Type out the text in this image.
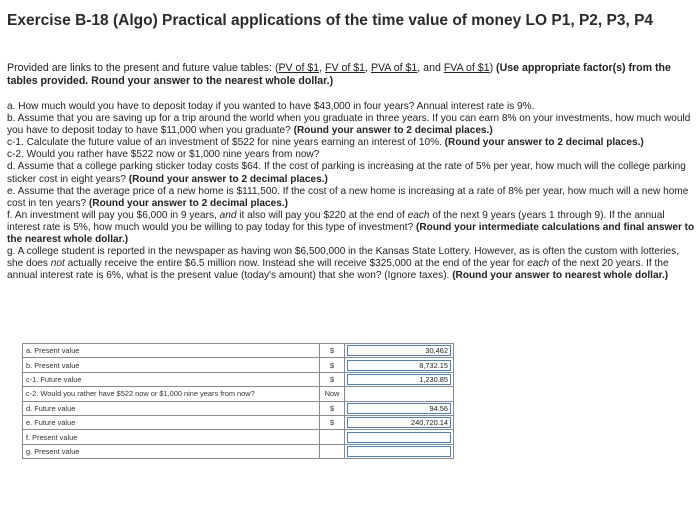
Exercise B-18 (Algo) Practical applications of the time value of money LO P1, P2, P3, P4
Provided are links to the present and future value tables: (PV of $1, FV of $1, PVA of $1, and FVA of $1) (Use appropriate factor(s) from the tables provided. Round your answer to the nearest whole dollar.)

a. How much would you have to deposit today if you wanted to have $43,000 in four years? Annual interest rate is 9%.

b. Assume that you are saving up for a trip around the world when you graduate in three years. If you can earn 8% on your investments, how much would you have to deposit today to have $11,000 when you graduate? (Round your answer to 2 decimal places.)

c-1. Calculate the future value of an investment of $522 for nine years earning an interest of 10%. (Round your answer to 2 decimal places.)

c-2. Would you rather have $522 now or $1,000 nine years from now?

d. Assume that a college parking sticker today costs $64. If the cost of parking is increasing at the rate of 5% per year, how much will the college parking sticker cost in eight years? (Round your answer to 2 decimal places.)

e. Assume that the average price of a new home is $111,500. If the cost of a new home is increasing at a rate of 8% per year, how much will a new home cost in ten years? (Round your answer to 2 decimal places.)

f. An investment will pay you $6,000 in 9 years, and it also will pay you $220 at the end of each of the next 9 years (years 1 through 9). If the annual interest rate is 5%, how much would you be willing to pay today for this type of investment? (Round your intermediate calculations and final answer to the nearest whole dollar.)

g. A college student is reported in the newspaper as having won $6,500,000 in the Kansas State Lottery. However, as is often the custom with lotteries, she does not actually receive the entire $6.5 million now. Instead she will receive $325,000 at the end of the year for each of the next 20 years. If the annual interest rate is 6%, what is the present value (today's amount) that she won? (Ignore taxes). (Round your answer to nearest whole dollar.)

a. Present value	$	30,462

b. Present value	$	8,732.15

c-1. Future value	$	1,230.85

c-2. Would you rather have $522 now or $1,000 nine years from now?	Now	
d. Future value	$	94.56

e. Future value	$	240,720.14

f. Present value		

g. Present value		
